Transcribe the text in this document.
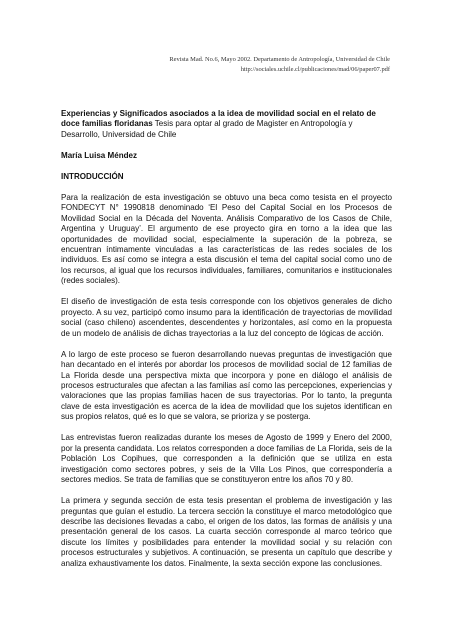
Revista Mad. No.6, Mayo 2002. Departamento de Antropología, Universidad de Chile
http://sociales.uchile.cl/publicaciones/mad/06/paper07.pdf

Experiencias y Significados asociados a la idea de movilidad social en el relato de doce familias floridanas Tesis para optar al grado de Magister en Antropología y Desarrollo, Universidad de Chile

María Luisa Méndez

INTRODUCCIÓN

Para la realización de esta investigación se obtuvo una beca como tesista en el proyecto FONDECYT N° 1990818 denominado ‘El Peso del Capital Social en los Procesos de Movilidad Social en la Década del Noventa. Análisis Comparativo de los Casos de Chile, Argentina y Uruguay’. El argumento de ese proyecto gira en torno a la idea que las oportunidades de movilidad social, especialmente la superación de la pobreza, se encuentran íntimamente vinculadas a las características de las redes sociales de los individuos. Es así como se integra a esta discusión el tema del capital social como uno de los recursos, al igual que los recursos individuales, familiares, comunitarios e institucionales (redes sociales).

El diseño de investigación de esta tesis corresponde con los objetivos generales de dicho proyecto. A su vez, participó como insumo para la identificación de trayectorias de movilidad social (caso chileno) ascendentes, descendentes y horizontales, así como en la propuesta de un modelo de análisis de dichas trayectorias a la luz del concepto de lógicas de acción.

A lo largo de este proceso se fueron desarrollando nuevas preguntas de investigación que han decantado en el interés por abordar los procesos de movilidad social de 12 familias de La Florida desde una perspectiva mixta que incorpora y pone en diálogo el análisis de procesos estructurales que afectan a las familias así como las percepciones, experiencias y valoraciones que las propias familias hacen de sus trayectorias. Por lo tanto, la pregunta clave de esta investigación es acerca de la idea de movilidad que los sujetos identifican en sus propios relatos, qué es lo que se valora, se prioriza y se posterga.

Las entrevistas fueron realizadas durante los meses de Agosto de 1999 y Enero del 2000, por la presenta candidata. Los relatos corresponden a doce familias de La Florida, seis de la Población Los Copihues, que corresponden a la definición que se utiliza en esta investigación como sectores pobres, y seis de la Villa Los Pinos, que correspondería a sectores medios. Se trata de familias que se constituyeron entre los años 70 y 80.

La primera y segunda sección de esta tesis presentan el problema de investigación y las preguntas que guían el estudio. La tercera sección la constituye el marco metodológico que describe las decisiones llevadas a cabo, el origen de los datos, las formas de análisis y una presentación general de los casos. La cuarta sección corresponde al marco teórico que discute los límites y posibilidades para entender la movilidad social y su relación con procesos estructurales y subjetivos. A continuación, se presenta un capítulo que describe y analiza exhaustivamente los datos. Finalmente, la sexta sección expone las conclusiones.
